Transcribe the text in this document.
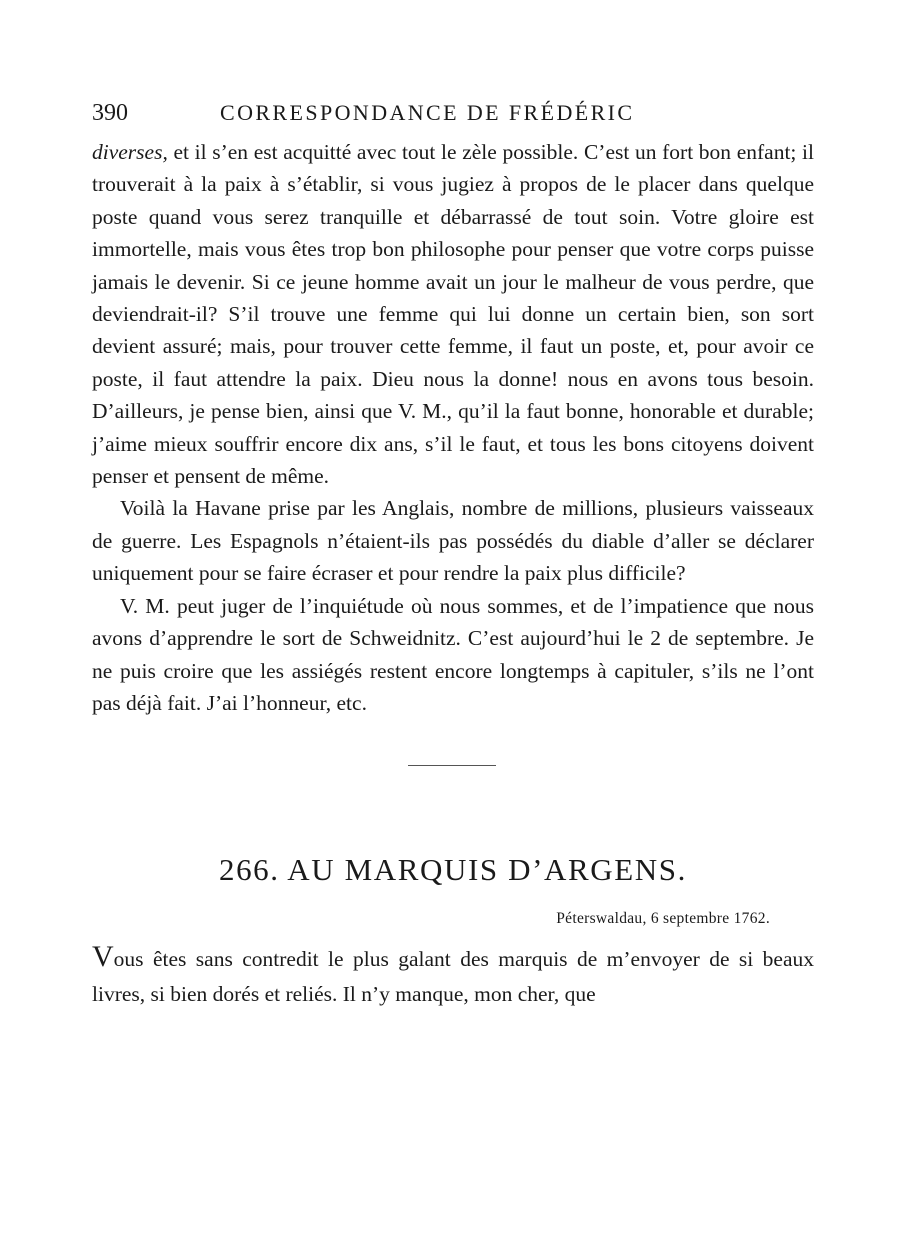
390	CORRESPONDANCE DE FRÉDÉRIC

diverses, et il s’en est acquitté avec tout le zèle possible. C’est un fort bon enfant; il trouverait à la paix à s’établir, si vous jugiez à propos de le placer dans quelque poste quand vous serez tranquille et débarrassé de tout soin. Votre gloire est immortelle, mais vous êtes trop bon philosophe pour penser que votre corps puisse jamais le devenir. Si ce jeune homme avait un jour le malheur de vous perdre, que deviendrait-il? S’il trouve une femme qui lui donne un certain bien, son sort devient assuré; mais, pour trouver cette femme, il faut un poste, et, pour avoir ce poste, il faut attendre la paix. Dieu nous la donne! nous en avons tous besoin. D’ailleurs, je pense bien, ainsi que V. M., qu’il la faut bonne, honorable et durable; j’aime mieux souffrir encore dix ans, s’il le faut, et tous les bons citoyens doivent penser et pensent de même.

Voilà la Havane prise par les Anglais, nombre de millions, plusieurs vaisseaux de guerre. Les Espagnols n’étaient-ils pas possédés du diable d’aller se déclarer uniquement pour se faire écraser et pour rendre la paix plus difficile?

V. M. peut juger de l’inquiétude où nous sommes, et de l’impatience que nous avons d’apprendre le sort de Schweidnitz. C’est aujourd’hui le 2 de septembre. Je ne puis croire que les assiégés restent encore longtemps à capituler, s’ils ne l’ont pas déjà fait. J’ai l’honneur, etc.

266. AU MARQUIS D’ARGENS.
Péterswaldau, 6 septembre 1762.

Vous êtes sans contredit le plus galant des marquis de m’envoyer de si beaux livres, si bien dorés et reliés. Il n’y manque, mon cher, que
